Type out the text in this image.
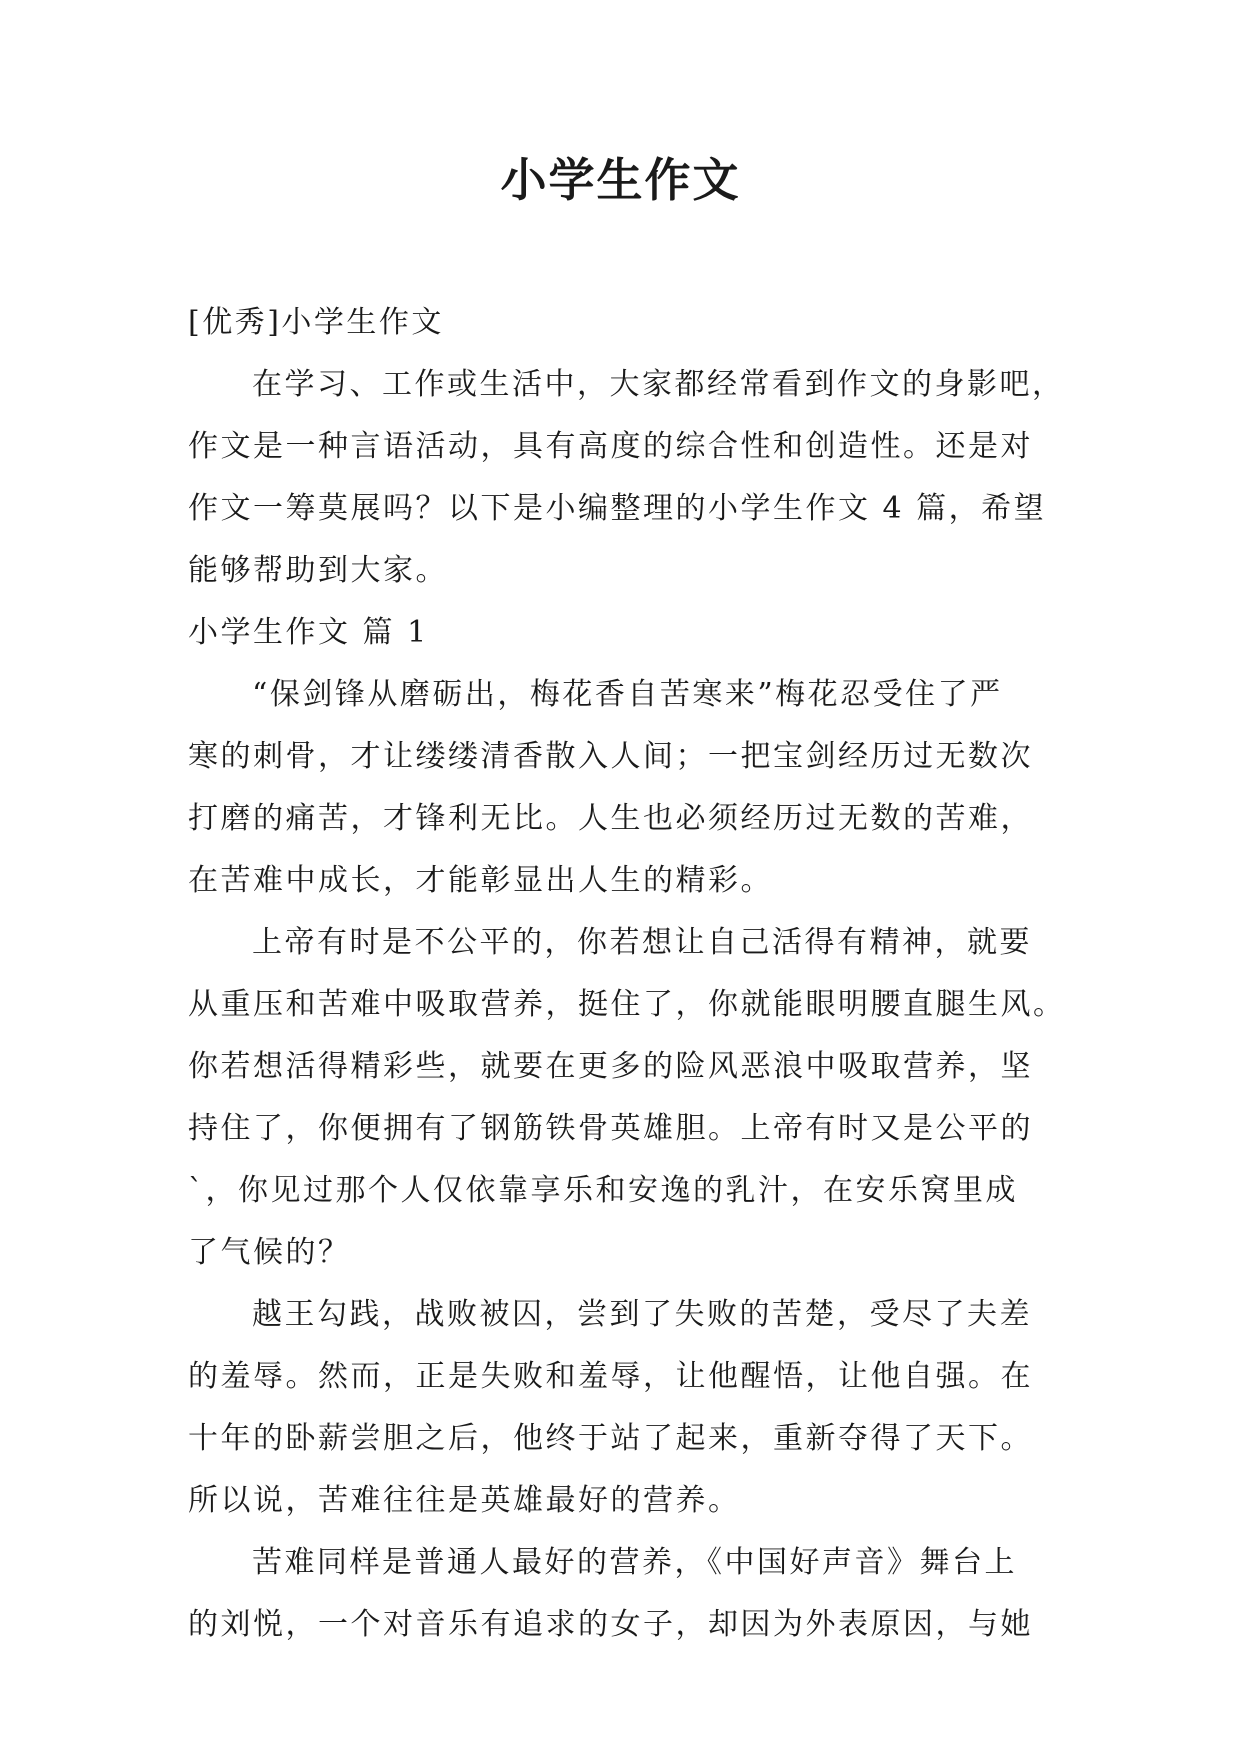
小学生作文
[优秀]小学生作文
在学习、工作或生活中，大家都经常看到作文的身影吧，
作文是一种言语活动，具有高度的综合性和创造性。还是对
作文一筹莫展吗？以下是小编整理的小学生作文 4 篇，希望
能够帮助到大家。
小学生作文 篇 1
“保剑锋从磨砺出，梅花香自苦寒来”梅花忍受住了严
寒的刺骨，才让缕缕清香散入人间；一把宝剑经历过无数次
打磨的痛苦，才锋利无比。人生也必须经历过无数的苦难，
在苦难中成长，才能彰显出人生的精彩。
上帝有时是不公平的，你若想让自己活得有精神，就要
从重压和苦难中吸取营养，挺住了，你就能眼明腰直腿生风。
你若想活得精彩些，就要在更多的险风恶浪中吸取营养，坚
持住了，你便拥有了钢筋铁骨英雄胆。上帝有时又是公平的
`，你见过那个人仅依靠享乐和安逸的乳汁，在安乐窝里成
了气候的？
越王勾践，战败被囚，尝到了失败的苦楚，受尽了夫差
的羞辱。然而，正是失败和羞辱，让他醒悟，让他自强。在
十年的卧薪尝胆之后，他终于站了起来，重新夺得了天下。
所以说，苦难往往是英雄最好的营养。
苦难同样是普通人最好的营养，《中国好声音》舞台上
的刘悦，一个对音乐有追求的女子，却因为外表原因，与她
